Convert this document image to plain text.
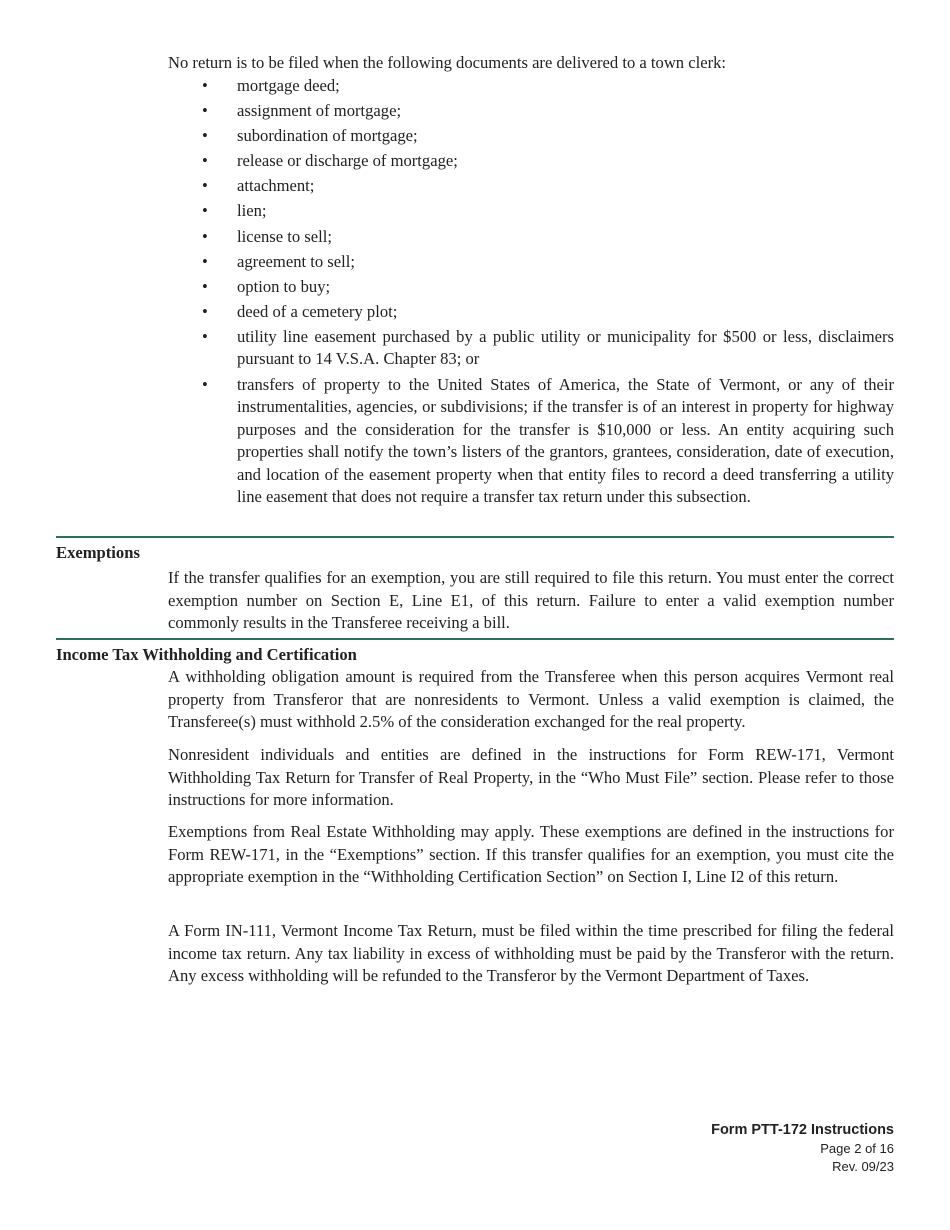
No return is to be filed when the following documents are delivered to a town clerk:

• mortgage deed;
• assignment of mortgage;
• subordination of mortgage;
• release or discharge of mortgage;
• attachment;
• lien;
• license to sell;
• agreement to sell;
• option to buy;
• deed of a cemetery plot;
• utility line easement purchased by a public utility or municipality for $500 or less, disclaimers pursuant to 14 V.S.A. Chapter 83; or
• transfers of property to the United States of America, the State of Vermont, or any of their instrumentalities, agencies, or subdivisions; if the transfer is of an interest in property for highway purposes and the consideration for the transfer is $10,000 or less. An entity acquiring such properties shall notify the town’s listers of the grantors, grantees, consideration, date of execution, and location of the easement property when that entity files to record a deed transferring a utility line easement that does not require a transfer tax return under this subsection.
Exemptions

If the transfer qualifies for an exemption, you are still required to file this return. You must enter the correct exemption number on Section E, Line E1, of this return. Failure to enter a valid exemption number commonly results in the Transferee receiving a bill.

Income Tax Withholding and Certification

A withholding obligation amount is required from the Transferee when this person acquires Vermont real property from Transferor that are nonresidents to Vermont. Unless a valid exemption is claimed, the Transferee(s) must withhold 2.5% of the consideration exchanged for the real property.

Nonresident individuals and entities are defined in the instructions for Form REW-171, Vermont Withholding Tax Return for Transfer of Real Property, in the “Who Must File” section. Please refer to those instructions for more information.

Exemptions from Real Estate Withholding may apply. These exemptions are defined in the instructions for Form REW-171, in the “Exemptions” section. If this transfer qualifies for an exemption, you must cite the appropriate exemption in the “Withholding Certification Section” on Section I, Line I2 of this return.

A Form IN-111, Vermont Income Tax Return, must be filed within the time prescribed for filing the federal income tax return. Any tax liability in excess of withholding must be paid by the Transferor with the return. Any excess withholding will be refunded to the Transferor by the Vermont Department of Taxes.

Form PTT-172 Instructions
Page 2 of 16
Rev. 09/23
